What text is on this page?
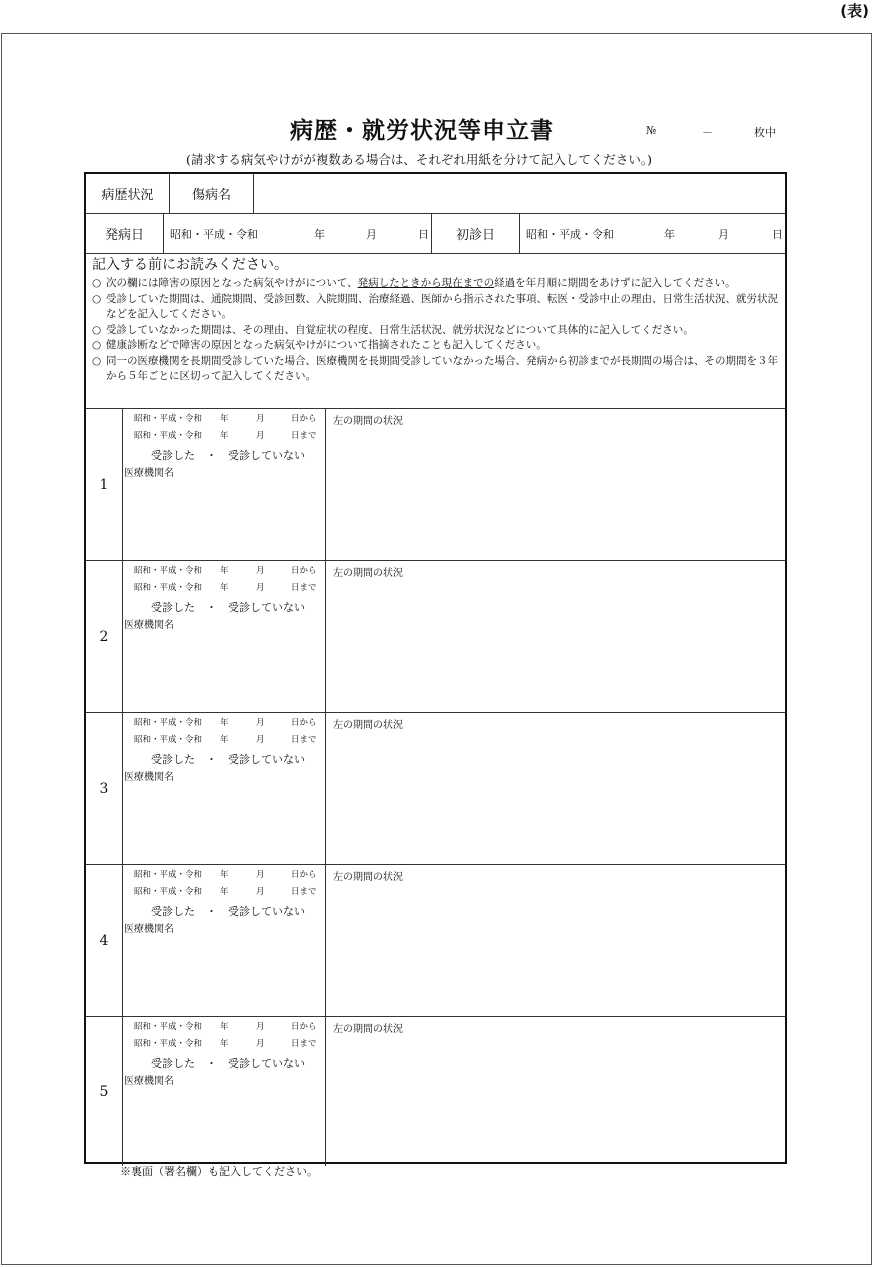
(表)
病歴・就労状況等申立書	№	－	枚中
(請求する病気やけがが複数ある場合は、それぞれ用紙を分けて記入してください。)
病歴状況	傷病名
発病日	昭和・平成・令和	年	月	日	初診日	昭和・平成・令和	年	月	日
記入する前にお読みください。
○ 次の欄には障害の原因となった病気やけがについて、発病したときから現在までの経過を年月順に期間をあけずに記入してください。
○ 受診していた期間は、通院期間、受診回数、入院期間、治療経過、医師から指示された事項、転医・受診中止の理由、日常生活状況、就労状況などを記入してください。
○ 受診していなかった期間は、その理由、自覚症状の程度、日常生活状況、就労状況などについて具体的に記入してください。
○ 健康診断などで障害の原因となった病気やけがについて指摘されたことも記入してください。
○ 同一の医療機関を長期間受診していた場合、医療機関を長期間受診していなかった場合、発病から初診までが長期間の場合は、その期間を３年から５年ごとに区切って記入してください。
1
昭和・平成・令和 年	月	日から
昭和・平成・令和 年	月	日まで
受診した　・　受診していない
医療機関名
左の期間の状況
2
昭和・平成・令和 年	月	日から
昭和・平成・令和 年	月	日まで
受診した　・　受診していない
医療機関名
左の期間の状況
3
昭和・平成・令和 年	月	日から
昭和・平成・令和 年	月	日まで
受診した　・　受診していない
医療機関名
左の期間の状況
4
昭和・平成・令和 年	月	日から
昭和・平成・令和 年	月	日まで
受診した　・　受診していない
医療機関名
左の期間の状況
5
昭和・平成・令和 年	月	日から
昭和・平成・令和 年	月	日まで
受診した　・　受診していない
医療機関名
左の期間の状況
※裏面（署名欄）も記入してください。
